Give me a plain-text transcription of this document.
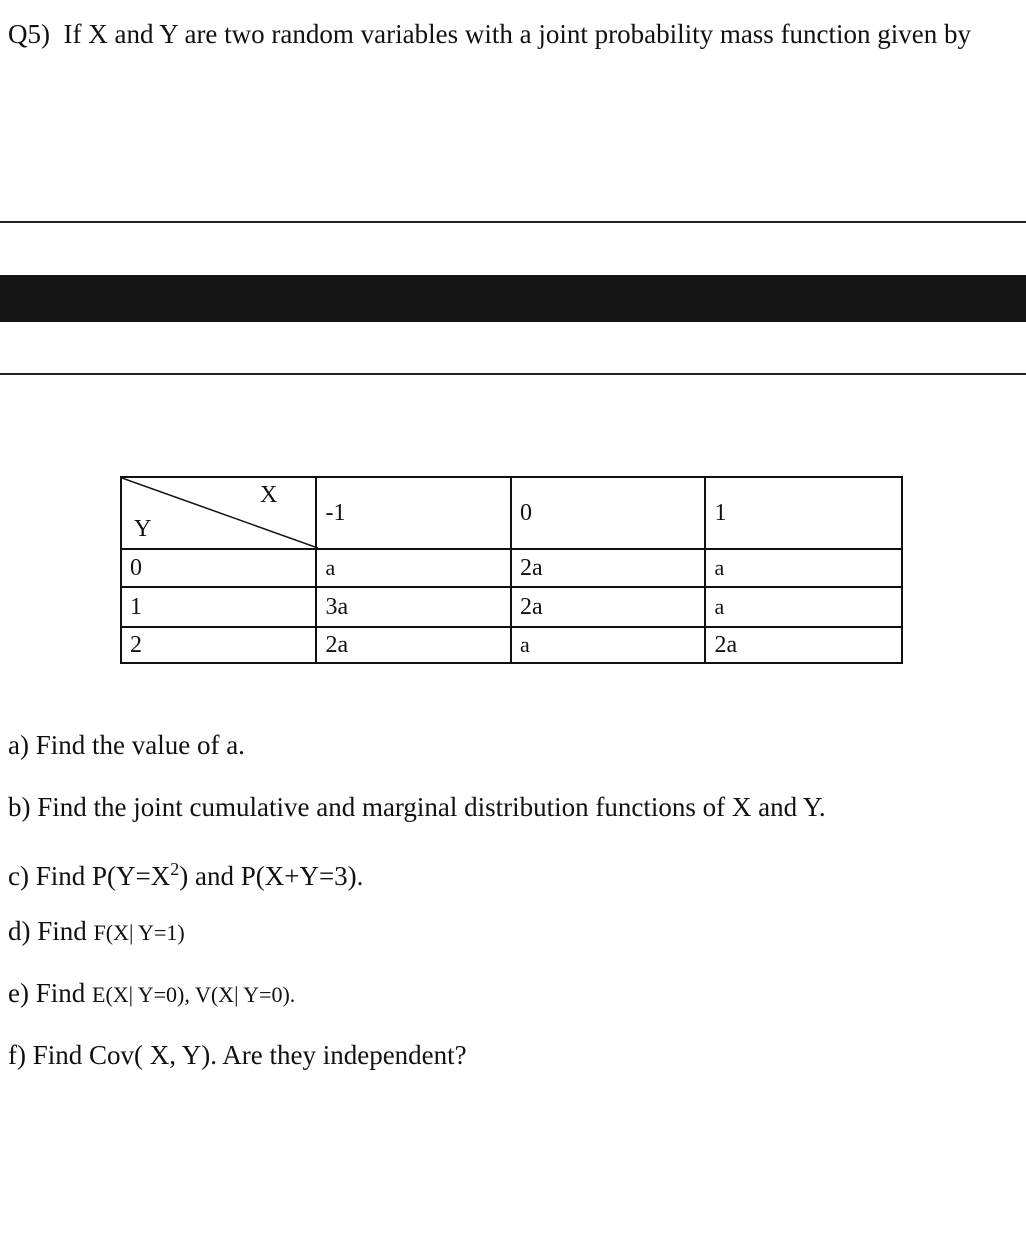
Q5) If X and Y are two random variables with a joint probability mass function given by

X
Y	-1	0	1
0	a	2a	a
1	3a	2a	a
2	2a	a	2a
a) Find the value of a.
b) Find the joint cumulative and marginal distribution functions of X and Y.
c) Find $P(Y=X^2)$ and P(X+Y=3).
d) Find F(X| Y=1)
e) Find E(X| Y=0), V(X| Y=0).
f) Find Cov( X, Y). Are they independent?
